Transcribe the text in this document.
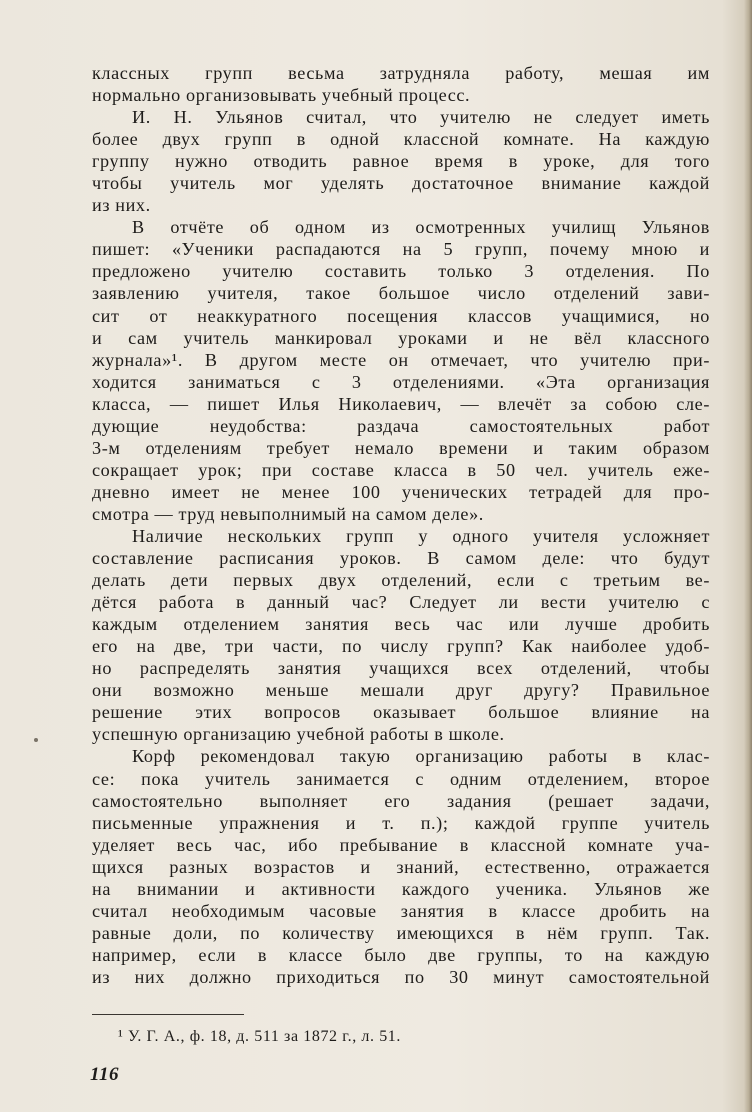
классных групп весьма затрудняла работу, мешая им
нормально организовывать учебный процесс.
И. Н. Ульянов считал, что учителю не следует иметь
более двух групп в одной классной комнате. На каждую
группу нужно отводить равное время в уроке, для того
чтобы учитель мог уделять достаточное внимание каждой
из них.
В отчёте об одном из осмотренных училищ Ульянов
пишет: «Ученики распадаются на 5 групп, почему мною и
предложено учителю составить только 3 отделения. По
заявлению учителя, такое большое число отделений зави-
сит от неаккуратного посещения классов учащимися, но
и сам учитель манкировал уроками и не вёл классного
журнала»¹. В другом месте он отмечает, что учителю при-
ходится заниматься с 3 отделениями. «Эта организация
класса, — пишет Илья Николаевич, — влечёт за собою сле-
дующие неудобства: раздача самостоятельных работ
3-м отделениям требует немало времени и таким образом
сокращает урок; при составе класса в 50 чел. учитель еже-
дневно имеет не менее 100 ученических тетрадей для про-
смотра — труд невыполнимый на самом деле».
Наличие нескольких групп у одного учителя усложняет
составление расписания уроков. В самом деле: что будут
делать дети первых двух отделений, если с третьим ве-
дётся работа в данный час? Следует ли вести учителю с
каждым отделением занятия весь час или лучше дробить
его на две, три части, по числу групп? Как наиболее удоб-
но распределять занятия учащихся всех отделений, чтобы
они возможно меньше мешали друг другу? Правильное
решение этих вопросов оказывает большое влияние на
успешную организацию учебной работы в школе.
Корф рекомендовал такую организацию работы в клас-
се: пока учитель занимается с одним отделением, второе
самостоятельно выполняет его задания (решает задачи,
письменные упражнения и т. п.); каждой группе учитель
уделяет весь час, ибо пребывание в классной комнате уча-
щихся разных возрастов и знаний, естественно, отражается
на внимании и активности каждого ученика. Ульянов же
считал необходимым часовые занятия в классе дробить на
равные доли, по количеству имеющихся в нём групп. Так.
например, если в классе было две группы, то на каждую
из них должно приходиться по 30 минут самостоятельной
¹ У. Г. А., ф. 18, д. 511 за 1872 г., л. 51.
116
